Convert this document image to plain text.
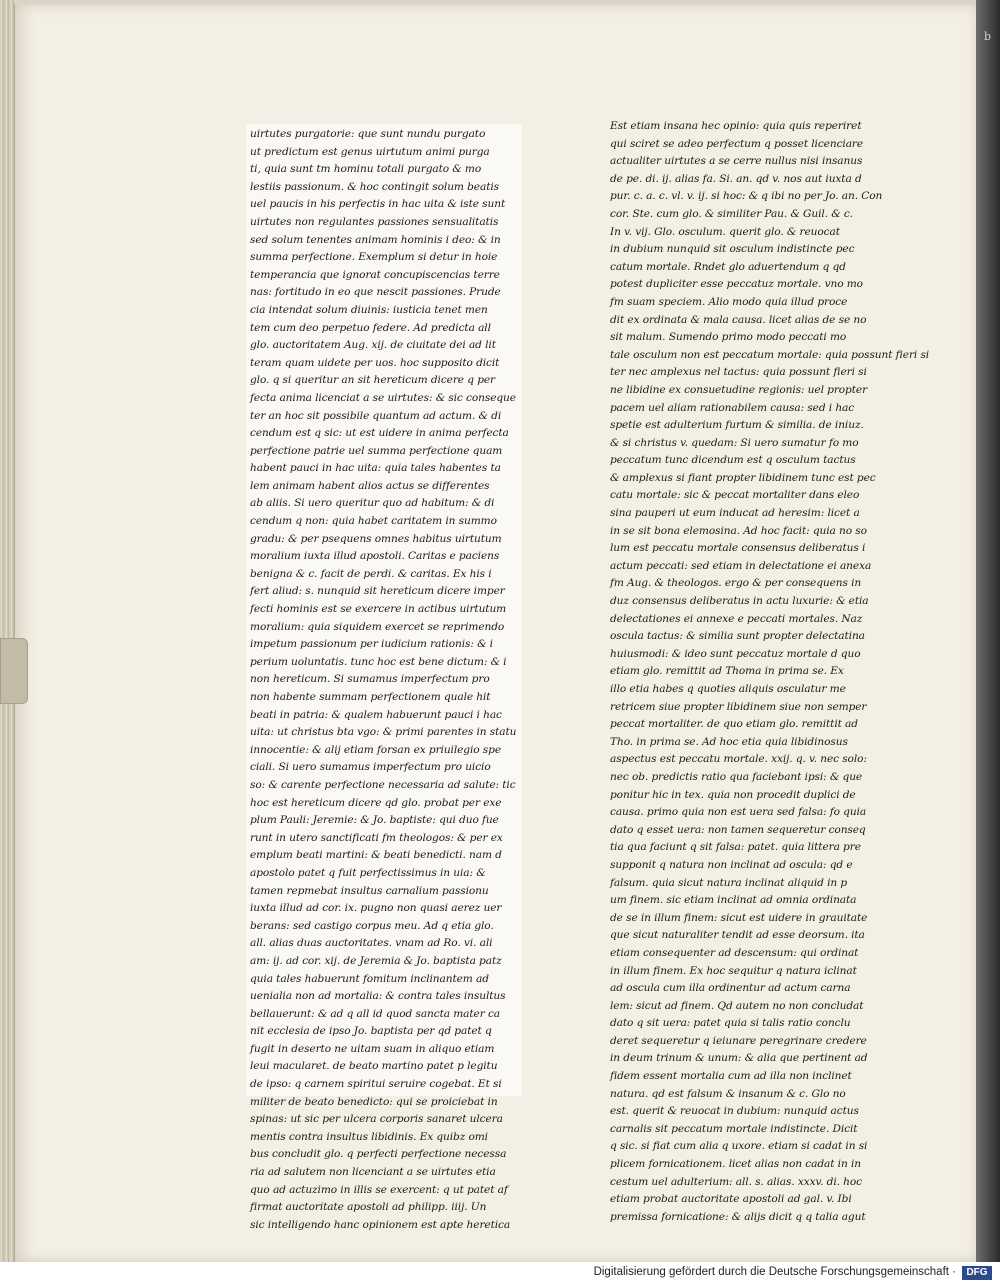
b
uirtutes purgatorie: que sunt nundu purgato
ut predictum est genus uirtutum animi purga
ti, quia sunt tm hominu totali purgato & mo
lestiis passionum. & hoc contingit solum beatis
uel paucis in his perfectis in hac uita & iste sunt
uirtutes non regulantes passiones sensualitatis
sed solum tenentes animam hominis i deo: & in
summa perfectione. Exemplum si detur in hoie
temperancia que ignorat concupiscencias terre
nas: fortitudo in eo que nescit passiones. Prude
cia intendat solum diuinis: iusticia tenet men
tem cum deo perpetuo federe. Ad predicta all
glo. auctoritatem Aug. xij. de ciuitate dei ad lit
teram quam uidete per uos. hoc supposito dicit
glo. q si queritur an sit hereticum dicere q per
fecta anima licenciat a se uirtutes: & sic conseque
ter an hoc sit possibile quantum ad actum. & di
cendum est q sic: ut est uidere in anima perfecta
perfectione patrie uel summa perfectione quam
habent pauci in hac uita: quia tales habentes ta
lem animam habent alios actus se differentes
ab aliis. Si uero queritur quo ad habitum: & di
cendum q non: quia habet caritatem in summo
gradu: & per psequens omnes habitus uirtutum
moralium iuxta illud apostoli. Caritas e paciens
benigna & c. facit de perdi. & caritas. Ex his i
fert aliud: s. nunquid sit hereticum dicere imper
fecti hominis est se exercere in actibus uirtutum
moralium: quia siquidem exercet se reprimendo
impetum passionum per iudicium rationis: & i
perium uoluntatis. tunc hoc est bene dictum: & i
non hereticum. Si sumamus imperfectum pro
non habente summam perfectionem quale hit
beati in patria: & qualem habuerunt pauci i hac
uita: ut christus bta vgo: & primi parentes in statu
innocentie: & alij etiam forsan ex priuilegio spe
ciali. Si uero sumamus imperfectum pro uicio
so: & carente perfectione necessaria ad salute: tic
hoc est hereticum dicere qd glo. probat per exe
plum Pauli: Jeremie: & Jo. baptiste: qui duo fue
runt in utero sanctificati fm theologos: & per ex
emplum beati martini: & beati benedicti. nam d
apostolo patet q fuit perfectissimus in uia: &
tamen repmebat insultus carnalium passionu
iuxta illud ad cor. ix. pugno non quasi aerez uer
berans: sed castigo corpus meu. Ad q etia glo.
all. alias duas auctoritates. vnam ad Ro. vi. ali
am: ij. ad cor. xij. de Jeremia & Jo. baptista patz
quia tales habuerunt fomitum inclinantem ad
uenialia non ad mortalia: & contra tales insultus
bellauerunt: & ad q all id quod sancta mater ca
nit ecclesia de ipso Jo. baptista per qd patet q
fugit in deserto ne uitam suam in aliquo etiam
leui macularet. de beato martino patet p legitu
de ipso: q carnem spiritui seruire cogebat. Et si
militer de beato benedicto: qui se proiciebat in
spinas: ut sic per ulcera corporis sanaret ulcera
mentis contra insultus libidinis. Ex quibz omi
bus concludit glo. q perfecti perfectione necessa
ria ad salutem non licenciant a se uirtutes etia
quo ad actuzimo in illis se exercent: q ut patet af
firmat auctoritate apostoli ad philipp. iiij. Un
sic intelligendo hanc opinionem est apte heretica
Est etiam insana hec opinio: quia quis reperiret
qui sciret se adeo perfectum q posset licenciare
actualiter uirtutes a se cerre nullus nisi insanus
de pe. di. ij. alias fa. Si. an. qd v. nos aut iuxta d
pur. c. a. c. vl. v. ij. si hoc: & q ibi no per Jo. an. Con
cor. Ste. cum glo. & similiter Pau. & Guil. & c.
In v. vij. Glo. osculum. querit glo. & reuocat
in dubium nunquid sit osculum indistincte pec
catum mortale. Rndet glo aduertendum q qd
potest dupliciter esse peccatuz mortale. vno mo
fm suam speciem. Alio modo quia illud proce
dit ex ordinata & mala causa. licet alias de se no
sit malum. Sumendo primo modo peccati mo
tale osculum non est peccatum mortale: quia possunt fieri si
ter nec amplexus nel tactus: quia possunt fieri si
ne libidine ex consuetudine regionis: uel propter
pacem uel aliam rationabilem causa: sed i hac
spetie est adulterium furtum & similia. de iniuz.
& si christus v. quedam: Si uero sumatur fo mo
peccatum tunc dicendum est q osculum tactus
& amplexus si fiant propter libidinem tunc est pec
catu mortale: sic & peccat mortaliter dans eleo
sina pauperi ut eum inducat ad heresim: licet a
in se sit bona elemosina. Ad hoc facit: quia no so
lum est peccatu mortale consensus deliberatus i
actum peccati: sed etiam in delectatione ei anexa
fm Aug. & theologos. ergo & per consequens in
duz consensus deliberatus in actu luxurie: & etia
delectationes ei annexe e peccati mortales. Naz
oscula tactus: & similia sunt propter delectatina
huiusmodi: & ideo sunt peccatuz mortale d quo
etiam glo. remittit ad Thoma in prima se. Ex
illo etia habes q quoties aliquis osculatur me
retricem siue propter libidinem siue non semper
peccat mortaliter. de quo etiam glo. remittit ad
Tho. in prima se. Ad hoc etia quia libidinosus
aspectus est peccatu mortale. xxij. q. v. nec solo:
nec ob. predictis ratio qua faciebant ipsi: & que
ponitur hic in tex. quia non procedit duplici de
causa. primo quia non est uera sed falsa: fo quia
dato q esset uera: non tamen sequeretur conseq
tia qua faciunt q sit falsa: patet. quia littera pre
supponit q natura non inclinat ad oscula: qd e
falsum. quia sicut natura inclinat aliquid in p
um finem. sic etiam inclinat ad omnia ordinata
de se in illum finem: sicut est uidere in grauitate
que sicut naturaliter tendit ad esse deorsum. ita
etiam consequenter ad descensum: qui ordinat
in illum finem. Ex hoc sequitur q natura iclinat
ad oscula cum illa ordinentur ad actum carna
lem: sicut ad finem. Qd autem no non concludat
dato q sit uera: patet quia si talis ratio conclu
deret sequeretur q ieiunare peregrinare credere
in deum trinum & unum: & alia que pertinent ad
fidem essent mortalia cum ad illa non inclinet
natura. qd est falsum & insanum & c. Glo no
est. querit & reuocat in dubium: nunquid actus
carnalis sit peccatum mortale indistincte. Dicit
q sic. si fiat cum alia q uxore. etiam si cadat in si
plicem fornicationem. licet alias non cadat in in
cestum uel adulterium: all. s. alias. xxxv. di. hoc
etiam probat auctoritate apostoli ad gal. v. Ibi
premissa fornicatione: & alijs dicit q q talia agut
Digitalisierung gefördert durch die Deutsche Forschungsgemeinschaft ·	DFG
